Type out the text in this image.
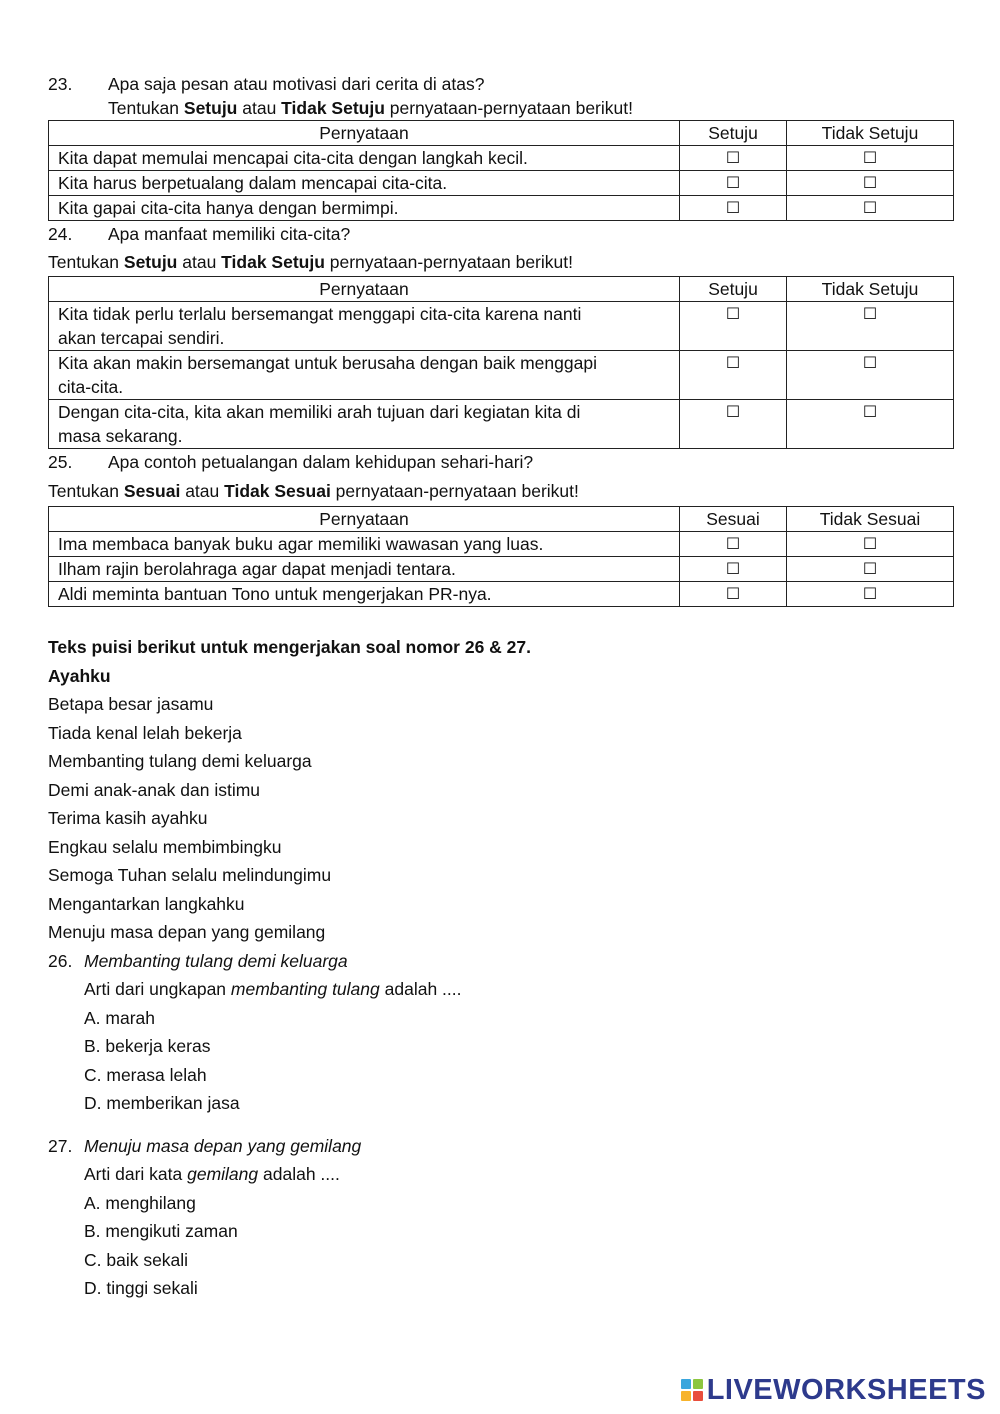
23. Apa saja pesan atau motivasi dari cerita di atas?
Tentukan Setuju atau Tidak Setuju pernyataan-pernyataan berikut!
Pernyataan	Setuju	Tidak Setuju
Kita dapat memulai mencapai cita-cita dengan langkah kecil.	☐	☐
Kita harus berpetualang dalam mencapai cita-cita.	☐	☐
Kita gapai cita-cita hanya dengan bermimpi.	☐	☐
24. Apa manfaat memiliki cita-cita?
Tentukan Setuju atau Tidak Setuju pernyataan-pernyataan berikut!
Pernyataan	Setuju	Tidak Setuju

Kita tidak perlu terlalu bersemangat menggapi cita-cita karena nanti
akan tercapai sendiri.	☐	☐

Kita akan makin bersemangat untuk berusaha dengan baik menggapi
cita-cita.	☐	☐

Dengan cita-cita, kita akan memiliki arah tujuan dari kegiatan kita di
masa sekarang.	☐	☐
25. Apa contoh petualangan dalam kehidupan sehari-hari?
Tentukan Sesuai atau Tidak Sesuai pernyataan-pernyataan berikut!
Pernyataan	Sesuai	Tidak Sesuai
Ima membaca banyak buku agar memiliki wawasan yang luas.	☐	☐
Ilham rajin berolahraga agar dapat menjadi tentara.	☐	☐
Aldi meminta bantuan Tono untuk mengerjakan PR-nya.	☐	☐
Teks puisi berikut untuk mengerjakan soal nomor 26 & 27.
Ayahku
Betapa besar jasamu
Tiada kenal lelah bekerja
Membanting tulang demi keluarga
Demi anak-anak dan istimu
Terima kasih ayahku
Engkau selalu membimbingku
Semoga Tuhan selalu melindungimu
Mengantarkan langkahku
Menuju masa depan yang gemilang
26. Membanting tulang demi keluarga
Arti dari ungkapan membanting tulang adalah ....
A. marah
B. bekerja keras
C. merasa lelah
D. memberikan jasa
27. Menuju masa depan yang gemilang
Arti dari kata gemilang adalah ....
A. menghilang
B. mengikuti zaman
C. baik sekali
D. tinggi sekali
LIVEWORKSHEETS
